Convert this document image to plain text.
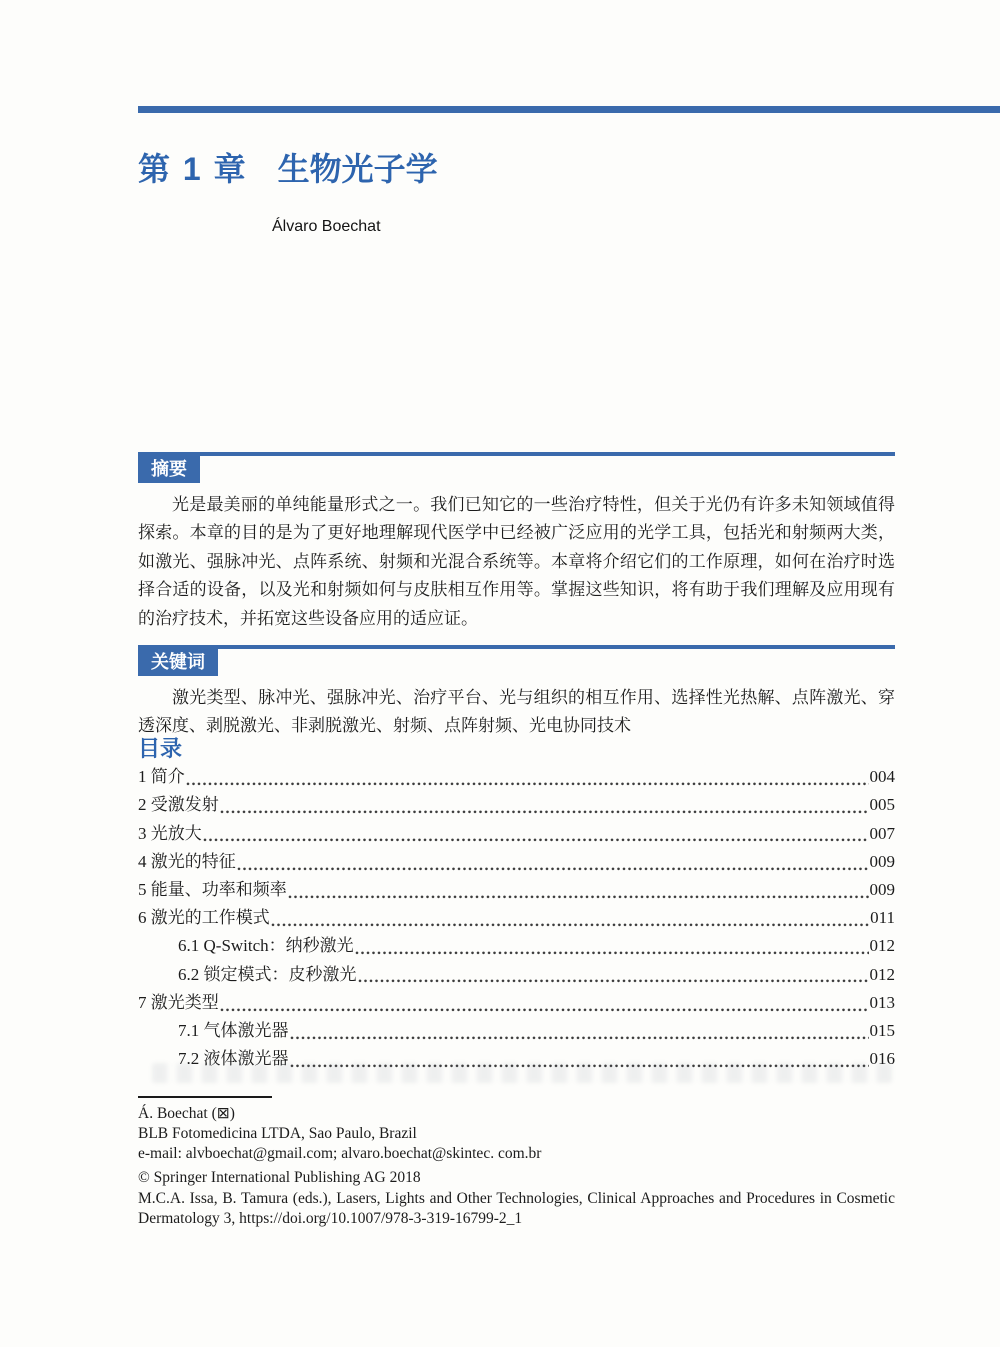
第 1 章 生物光子学
Álvaro Boechat
摘要
光是最美丽的单纯能量形式之一。我们已知它的一些治疗特性，但关于光仍有许多未知领域值得探索。本章的目的是为了更好地理解现代医学中已经被广泛应用的光学工具，包括光和射频两大类，如激光、强脉冲光、点阵系统、射频和光混合系统等。本章将介绍它们的工作原理，如何在治疗时选择合适的设备，以及光和射频如何与皮肤相互作用等。掌握这些知识，将有助于我们理解及应用现有的治疗技术，并拓宽这些设备应用的适应证。
关键词
激光类型、脉冲光、强脉冲光、治疗平台、光与组织的相互作用、选择性光热解、点阵激光、穿透深度、剥脱激光、非剥脱激光、射频、点阵射频、光电协同技术
目录
1 简介	004
2 受激发射	005
3 光放大	007
4 激光的特征	009
5 能量、功率和频率	009
6 激光的工作模式	011
6.1 Q-Switch：纳秒激光	012
6.2 锁定模式：皮秒激光	012
7 激光类型	013
7.1 气体激光器	015
7.2 液体激光器	016
Á. Boechat (⊠)
BLB Fotomedicina LTDA, Sao Paulo, Brazil
e-mail: alvboechat@gmail.com; alvaro.boechat@skintec. com.br
© Springer International Publishing AG 2018
M.C.A. Issa, B. Tamura (eds.), Lasers, Lights and Other Technologies, Clinical Approaches and Procedures in Cosmetic Dermatology 3, https://doi.org/10.1007/978-3-319-16799-2_1
